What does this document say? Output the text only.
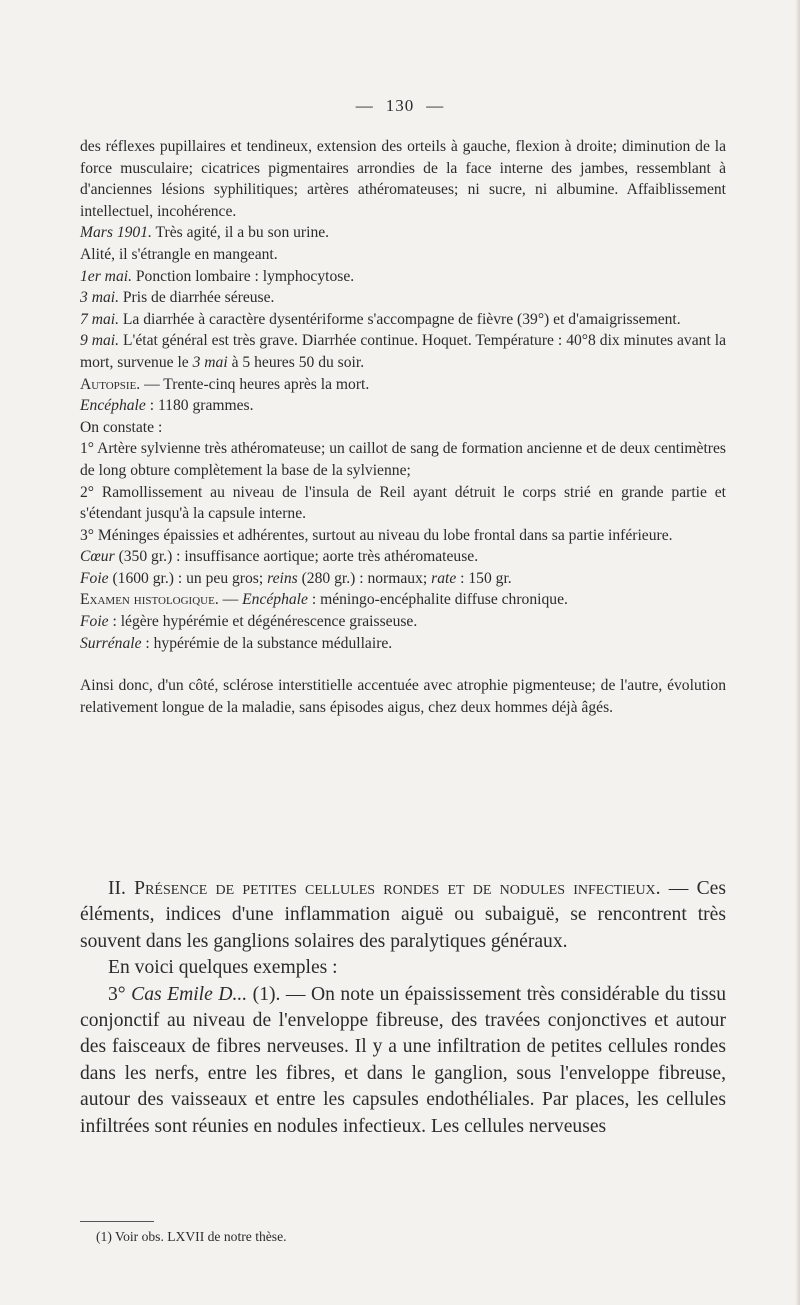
— 130 —

des réflexes pupillaires et tendineux, extension des orteils à gauche, flexion à droite; diminution de la force musculaire; cicatrices pigmentaires arrondies de la face interne des jambes, ressemblant à d'anciennes lésions syphilitiques; artères athéromateuses; ni sucre, ni albumine. Affaiblissement intellectuel, incohérence.

Mars 1901. Très agité, il a bu son urine.

Alité, il s'étrangle en mangeant.

1er mai. Ponction lombaire : lymphocytose.

3 mai. Pris de diarrhée séreuse.

7 mai. La diarrhée à caractère dysentériforme s'accompagne de fièvre (39°) et d'amaigrissement.

9 mai. L'état général est très grave. Diarrhée continue. Hoquet. Température : 40°8 dix minutes avant la mort, survenue le 3 mai à 5 heures 50 du soir.

Autopsie. — Trente-cinq heures après la mort.

Encéphale : 1180 grammes.

On constate :

1° Artère sylvienne très athéromateuse; un caillot de sang de formation ancienne et de deux centimètres de long obture complètement la base de la sylvienne;

2° Ramollissement au niveau de l'insula de Reil ayant détruit le corps strié en grande partie et s'étendant jusqu'à la capsule interne.

3° Méninges épaissies et adhérentes, surtout au niveau du lobe frontal dans sa partie inférieure.

Cœur (350 gr.) : insuffisance aortique; aorte très athéromateuse.

Foie (1600 gr.) : un peu gros; reins (280 gr.) : normaux; rate : 150 gr.

Examen histologique. — Encéphale : méningo-encéphalite diffuse chronique.

Foie : légère hypérémie et dégénérescence graisseuse.

Surrénale : hypérémie de la substance médullaire.

Ainsi donc, d'un côté, sclérose interstitielle accentuée avec atrophie pigmenteuse; de l'autre, évolution relativement longue de la maladie, sans épisodes aigus, chez deux hommes déjà âgés.

II. Présence de petites cellules rondes et de nodules infectieux. — Ces éléments, indices d'une inflammation aiguë ou subaiguë, se rencontrent très souvent dans les ganglions solaires des paralytiques généraux.

En voici quelques exemples :

3° Cas Emile D... (1). — On note un épaississement très considérable du tissu conjonctif au niveau de l'enveloppe fibreuse, des travées conjonctives et autour des faisceaux de fibres nerveuses. Il y a une infiltration de petites cellules rondes dans les nerfs, entre les fibres, et dans le ganglion, sous l'enveloppe fibreuse, autour des vaisseaux et entre les capsules endothéliales. Par places, les cellules infiltrées sont réunies en nodules infectieux. Les cellules nerveuses

(1) Voir obs. LXVII de notre thèse.
